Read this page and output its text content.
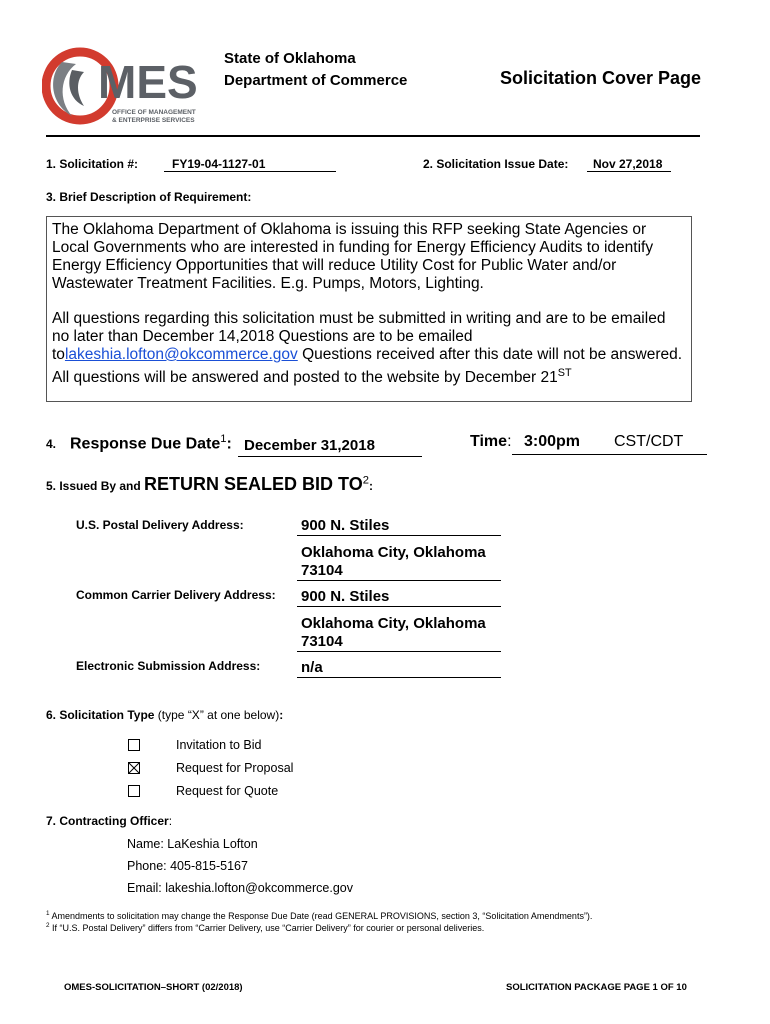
MES
OFFICE OF MANAGEMENT
& ENTERPRISE SERVICES
State of Oklahoma
Department of Commerce	Solicitation Cover Page
1. Solicitation #:	FY19-04-1127-01	2. Solicitation Issue Date:	Nov 27,2018
3. Brief Description of Requirement:

The Oklahoma Department of Oklahoma is issuing this RFP seeking State Agencies or Local Governments who are interested in funding for Energy Efficiency Audits to identify Energy Efficiency Opportunities that will reduce Utility Cost for Public Water and/or Wastewater Treatment Facilities. E.g. Pumps, Motors, Lighting.

All questions regarding this solicitation must be submitted in writing and are to be emailed no later than December 14,2018 Questions are to be emailed tolakeshia.lofton@okcommerce.gov Questions received after this date will not be answered. All questions will be answered and posted to the website by December 21ST

4. Response Due Date$^1$: December 31,2018	Time: 3:00pm	CST/CDT
5. Issued By and RETURN SEALED BID $TO^2$:
U.S. Postal Delivery Address:	900 N. Stiles
Oklahoma City, Oklahoma 73104
Common Carrier Delivery Address: 900 N. Stiles
Oklahoma City, Oklahoma 73104
Electronic Submission Address:	n/a
6. Solicitation Type (type “X” at one below):
Invitation to Bid
Request for Proposal
Request for Quote
7. Contracting Officer:
Name: LaKeshia Lofton
Phone: 405-815-5167
Email: lakeshia.lofton@okcommerce.gov
$^1$ Amendments to solicitation may change the Response Due Date (read GENERAL PROVISIONS, section 3, “Solicitation Amendments”).
$^2$ If “U.S. Postal Delivery” differs from “Carrier Delivery, use “Carrier Delivery” for courier or personal deliveries.
OMES-SOLICITATION–SHORT (02/2018)	SOLICITATION PACKAGE PAGE 1 OF 10
